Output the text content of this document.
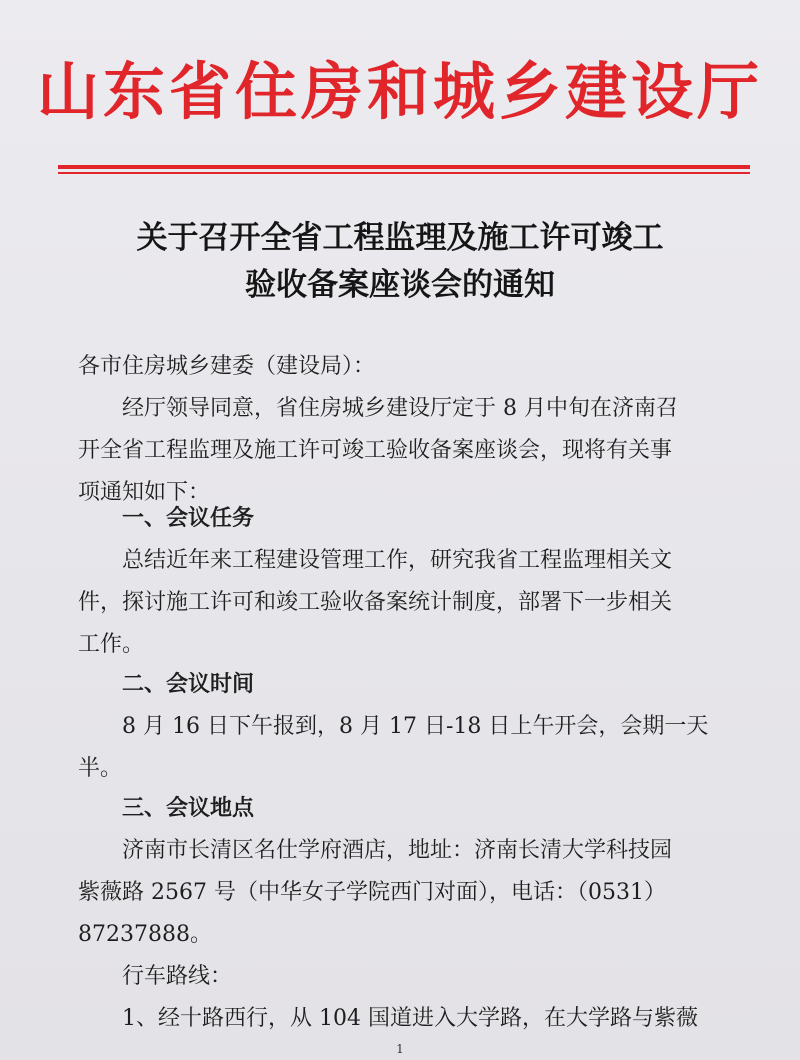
山东省住房和城乡建设厅
关于召开全省工程监理及施工许可竣工
验收备案座谈会的通知
各市住房城乡建委（建设局）：
　　经厅领导同意，省住房城乡建设厅定于 8 月中旬在济南召
开全省工程监理及施工许可竣工验收备案座谈会，现将有关事
项通知如下：
　　一、会议任务
　　总结近年来工程建设管理工作，研究我省工程监理相关文
件，探讨施工许可和竣工验收备案统计制度，部署下一步相关
工作。
　　二、会议时间
　　8 月 16 日下午报到，8 月 17 日-18 日上午开会，会期一天
半。
　　三、会议地点
　　济南市长清区名仕学府酒店，地址：济南长清大学科技园
紫薇路 2567 号（中华女子学院西门对面），电话：（0531）
87237888。
　　行车路线：
　　1、经十路西行，从 104 国道进入大学路，在大学路与紫薇
1
